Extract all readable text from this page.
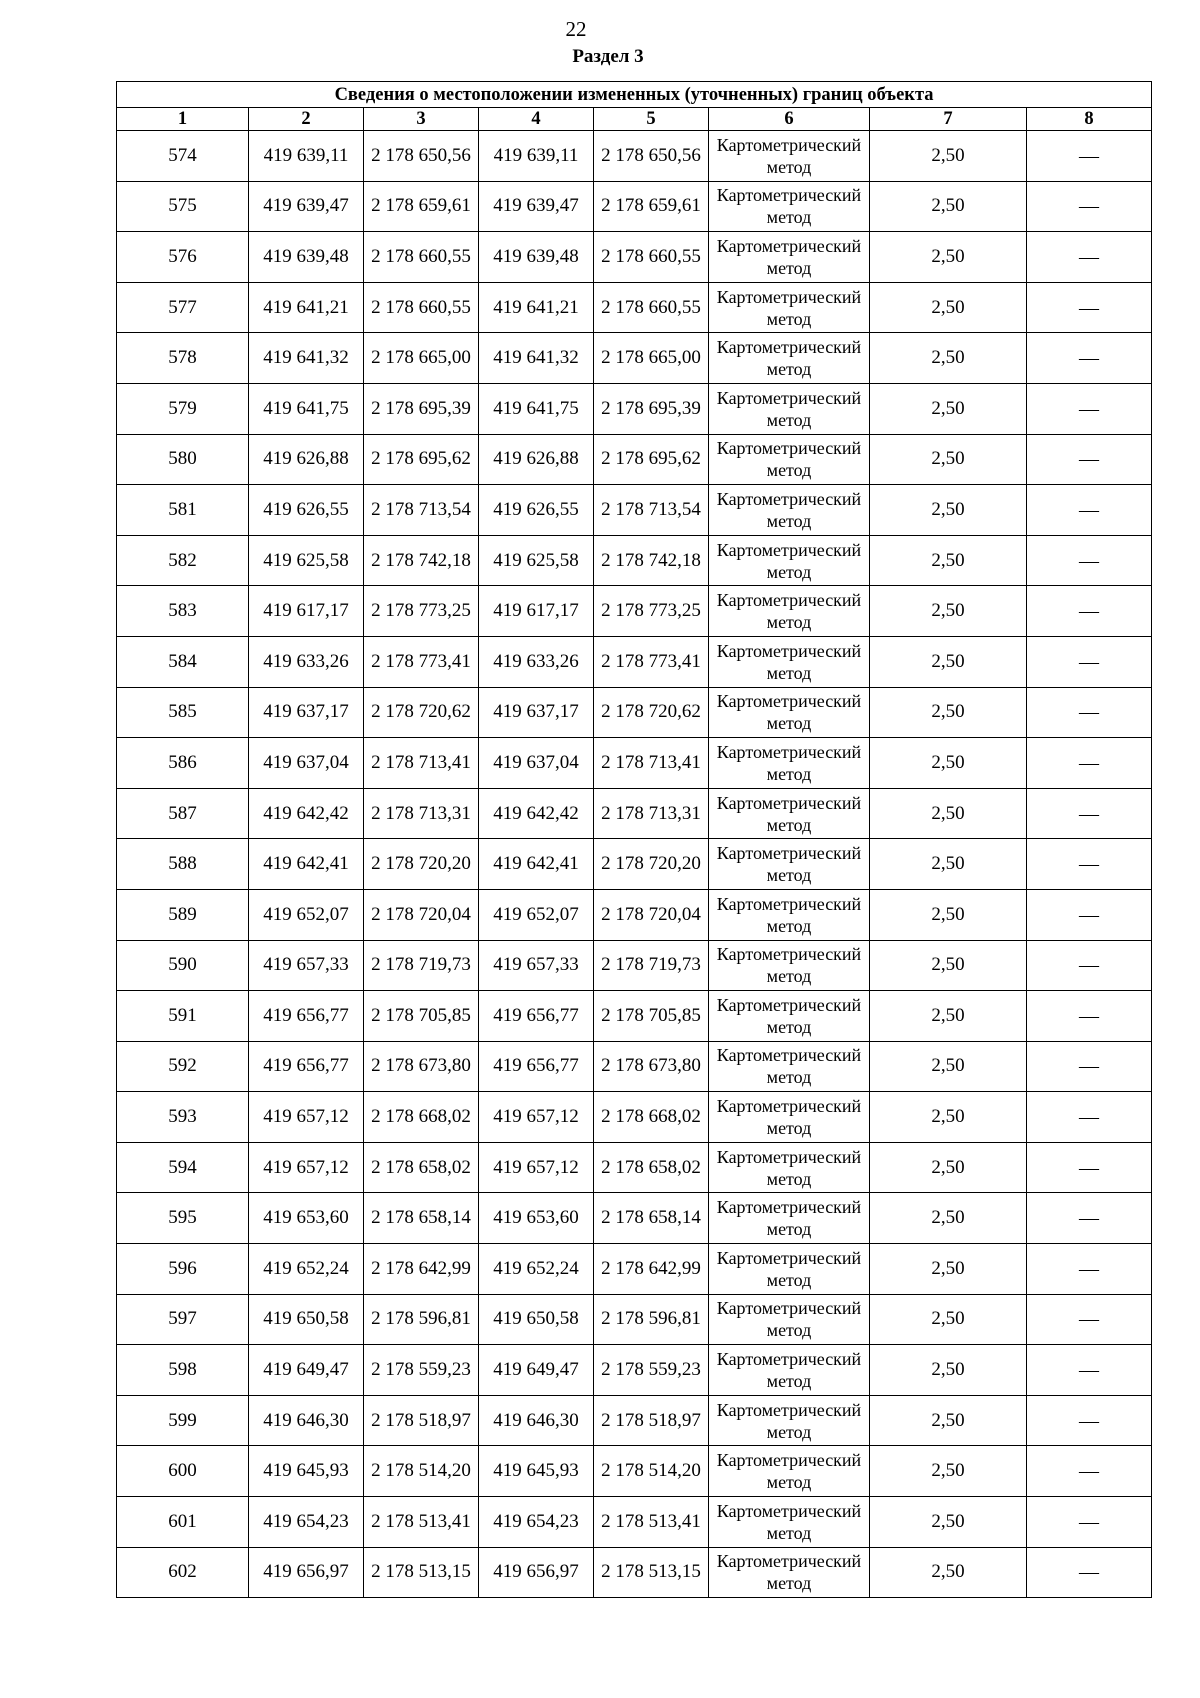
22
Раздел 3
Сведения о местоположении измененных (уточненных) границ объекта							
1	2	3	4	5	6	7	8
574	419 639,11	2 178 650,56	419 639,11	2 178 650,56	Картометрический метод	2,50	—
575	419 639,47	2 178 659,61	419 639,47	2 178 659,61	Картометрический метод	2,50	—
576	419 639,48	2 178 660,55	419 639,48	2 178 660,55	Картометрический метод	2,50	—
577	419 641,21	2 178 660,55	419 641,21	2 178 660,55	Картометрический метод	2,50	—
578	419 641,32	2 178 665,00	419 641,32	2 178 665,00	Картометрический метод	2,50	—
579	419 641,75	2 178 695,39	419 641,75	2 178 695,39	Картометрический метод	2,50	—
580	419 626,88	2 178 695,62	419 626,88	2 178 695,62	Картометрический метод	2,50	—
581	419 626,55	2 178 713,54	419 626,55	2 178 713,54	Картометрический метод	2,50	—
582	419 625,58	2 178 742,18	419 625,58	2 178 742,18	Картометрический метод	2,50	—
583	419 617,17	2 178 773,25	419 617,17	2 178 773,25	Картометрический метод	2,50	—
584	419 633,26	2 178 773,41	419 633,26	2 178 773,41	Картометрический метод	2,50	—
585	419 637,17	2 178 720,62	419 637,17	2 178 720,62	Картометрический метод	2,50	—
586	419 637,04	2 178 713,41	419 637,04	2 178 713,41	Картометрический метод	2,50	—
587	419 642,42	2 178 713,31	419 642,42	2 178 713,31	Картометрический метод	2,50	—
588	419 642,41	2 178 720,20	419 642,41	2 178 720,20	Картометрический метод	2,50	—
589	419 652,07	2 178 720,04	419 652,07	2 178 720,04	Картометрический метод	2,50	—
590	419 657,33	2 178 719,73	419 657,33	2 178 719,73	Картометрический метод	2,50	—
591	419 656,77	2 178 705,85	419 656,77	2 178 705,85	Картометрический метод	2,50	—
592	419 656,77	2 178 673,80	419 656,77	2 178 673,80	Картометрический метод	2,50	—
593	419 657,12	2 178 668,02	419 657,12	2 178 668,02	Картометрический метод	2,50	—
594	419 657,12	2 178 658,02	419 657,12	2 178 658,02	Картометрический метод	2,50	—
595	419 653,60	2 178 658,14	419 653,60	2 178 658,14	Картометрический метод	2,50	—
596	419 652,24	2 178 642,99	419 652,24	2 178 642,99	Картометрический метод	2,50	—
597	419 650,58	2 178 596,81	419 650,58	2 178 596,81	Картометрический метод	2,50	—
598	419 649,47	2 178 559,23	419 649,47	2 178 559,23	Картометрический метод	2,50	—
599	419 646,30	2 178 518,97	419 646,30	2 178 518,97	Картометрический метод	2,50	—
600	419 645,93	2 178 514,20	419 645,93	2 178 514,20	Картометрический метод	2,50	—
601	419 654,23	2 178 513,41	419 654,23	2 178 513,41	Картометрический метод	2,50	—
602	419 656,97	2 178 513,15	419 656,97	2 178 513,15	Картометрический метод	2,50	—
